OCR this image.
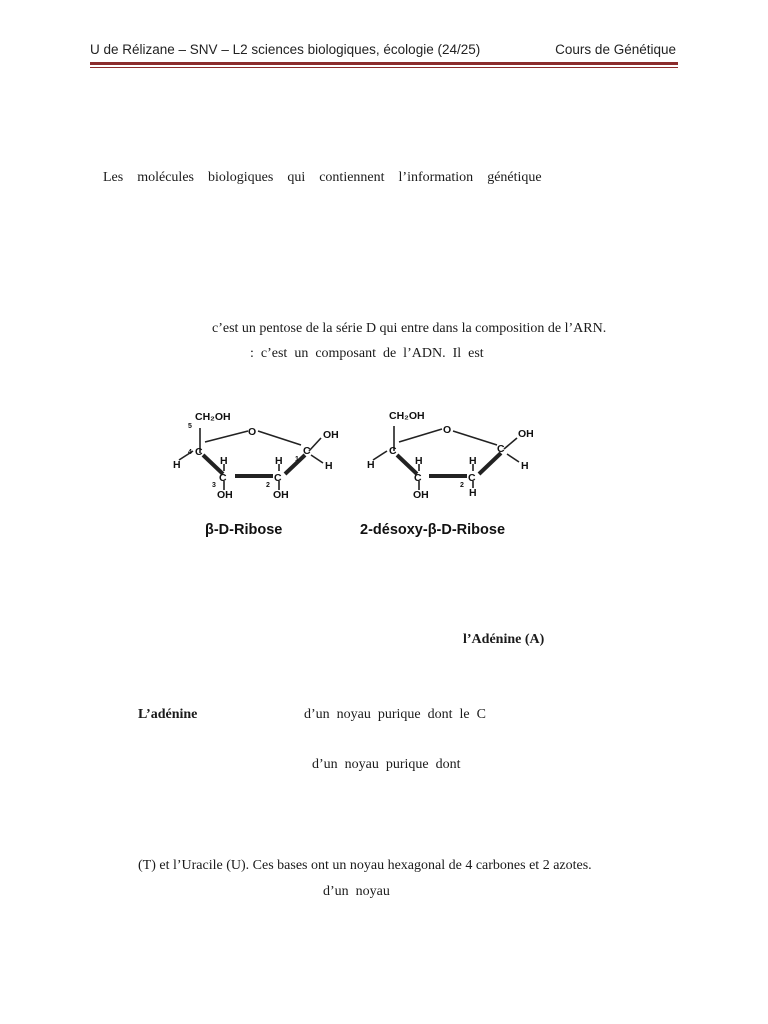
U de Rélizane – SNV – L2 sciences biologiques, écologie (24/25)	Cours de Génétique
Les molécules biologiques qui contiennent l’information génétique
c’est un pentose de la série D qui entre dans la composition de l’ARN.
:  c’est  un  composant  de  l’ADN.  Il  est
CH₂OH
5	O
C
4
H	H
C
3
OH
H
C
2
OH
C
1
OH
H
CH₂OH
O
C
H	H
C
OH
H
C
2
H
C
OH
H
β-D-Ribose	2-désoxy-β-D-Ribose
l’Adénine (A)
L’adénine	d’un  noyau  purique  dont  le  C
d’un  noyau  purique  dont
(T) et l’Uracile (U). Ces bases ont un noyau hexagonal de 4 carbones et 2 azotes.
d’un  noyau
